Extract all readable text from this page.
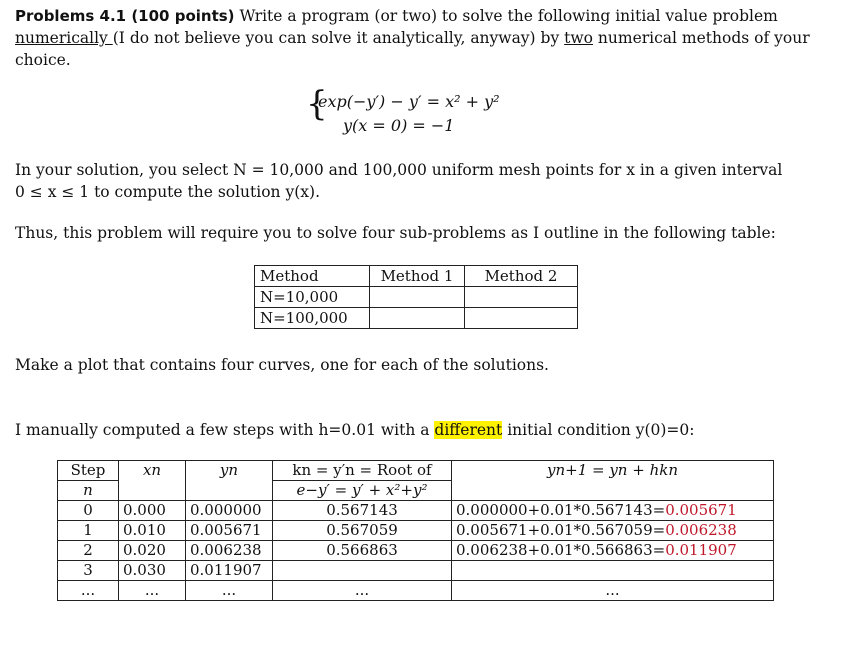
Problems 4.1 (100 points) Write a program (or two) to solve the following initial value problem
numerically (I do not believe you can solve it analytically, anyway) by two numerical methods of your
choice.
{
exp(−y′) − y′ = x² + y²
y(x = 0) = −1
In your solution, you select N = 10,000 and 100,000 uniform mesh points for x in a given interval
0 ≤ x ≤ 1 to compute the solution y(x).
Thus, this problem will require you to solve four sub-problems as I outline in the following table:
Method	Method 1	Method 2
N=10,000		
N=100,000		
Make a plot that contains four curves, one for each of the solutions.
I manually computed a few steps with h=0.01 with a different initial condition y(0)=0:
Step	xn	yn	kn = y′n = Root of	yn+1 = yn + hkn
n			e−y′ = y′ + x²+y²	
0	0.000	0.000000	0.567143	0.000000+0.01*0.567143=0.005671
1	0.010	0.005671	0.567059	0.005671+0.01*0.567059=0.006238
2	0.020	0.006238	0.566863	0.006238+0.01*0.566863=0.011907
3	0.030	0.011907		
...	...	...	...	...
